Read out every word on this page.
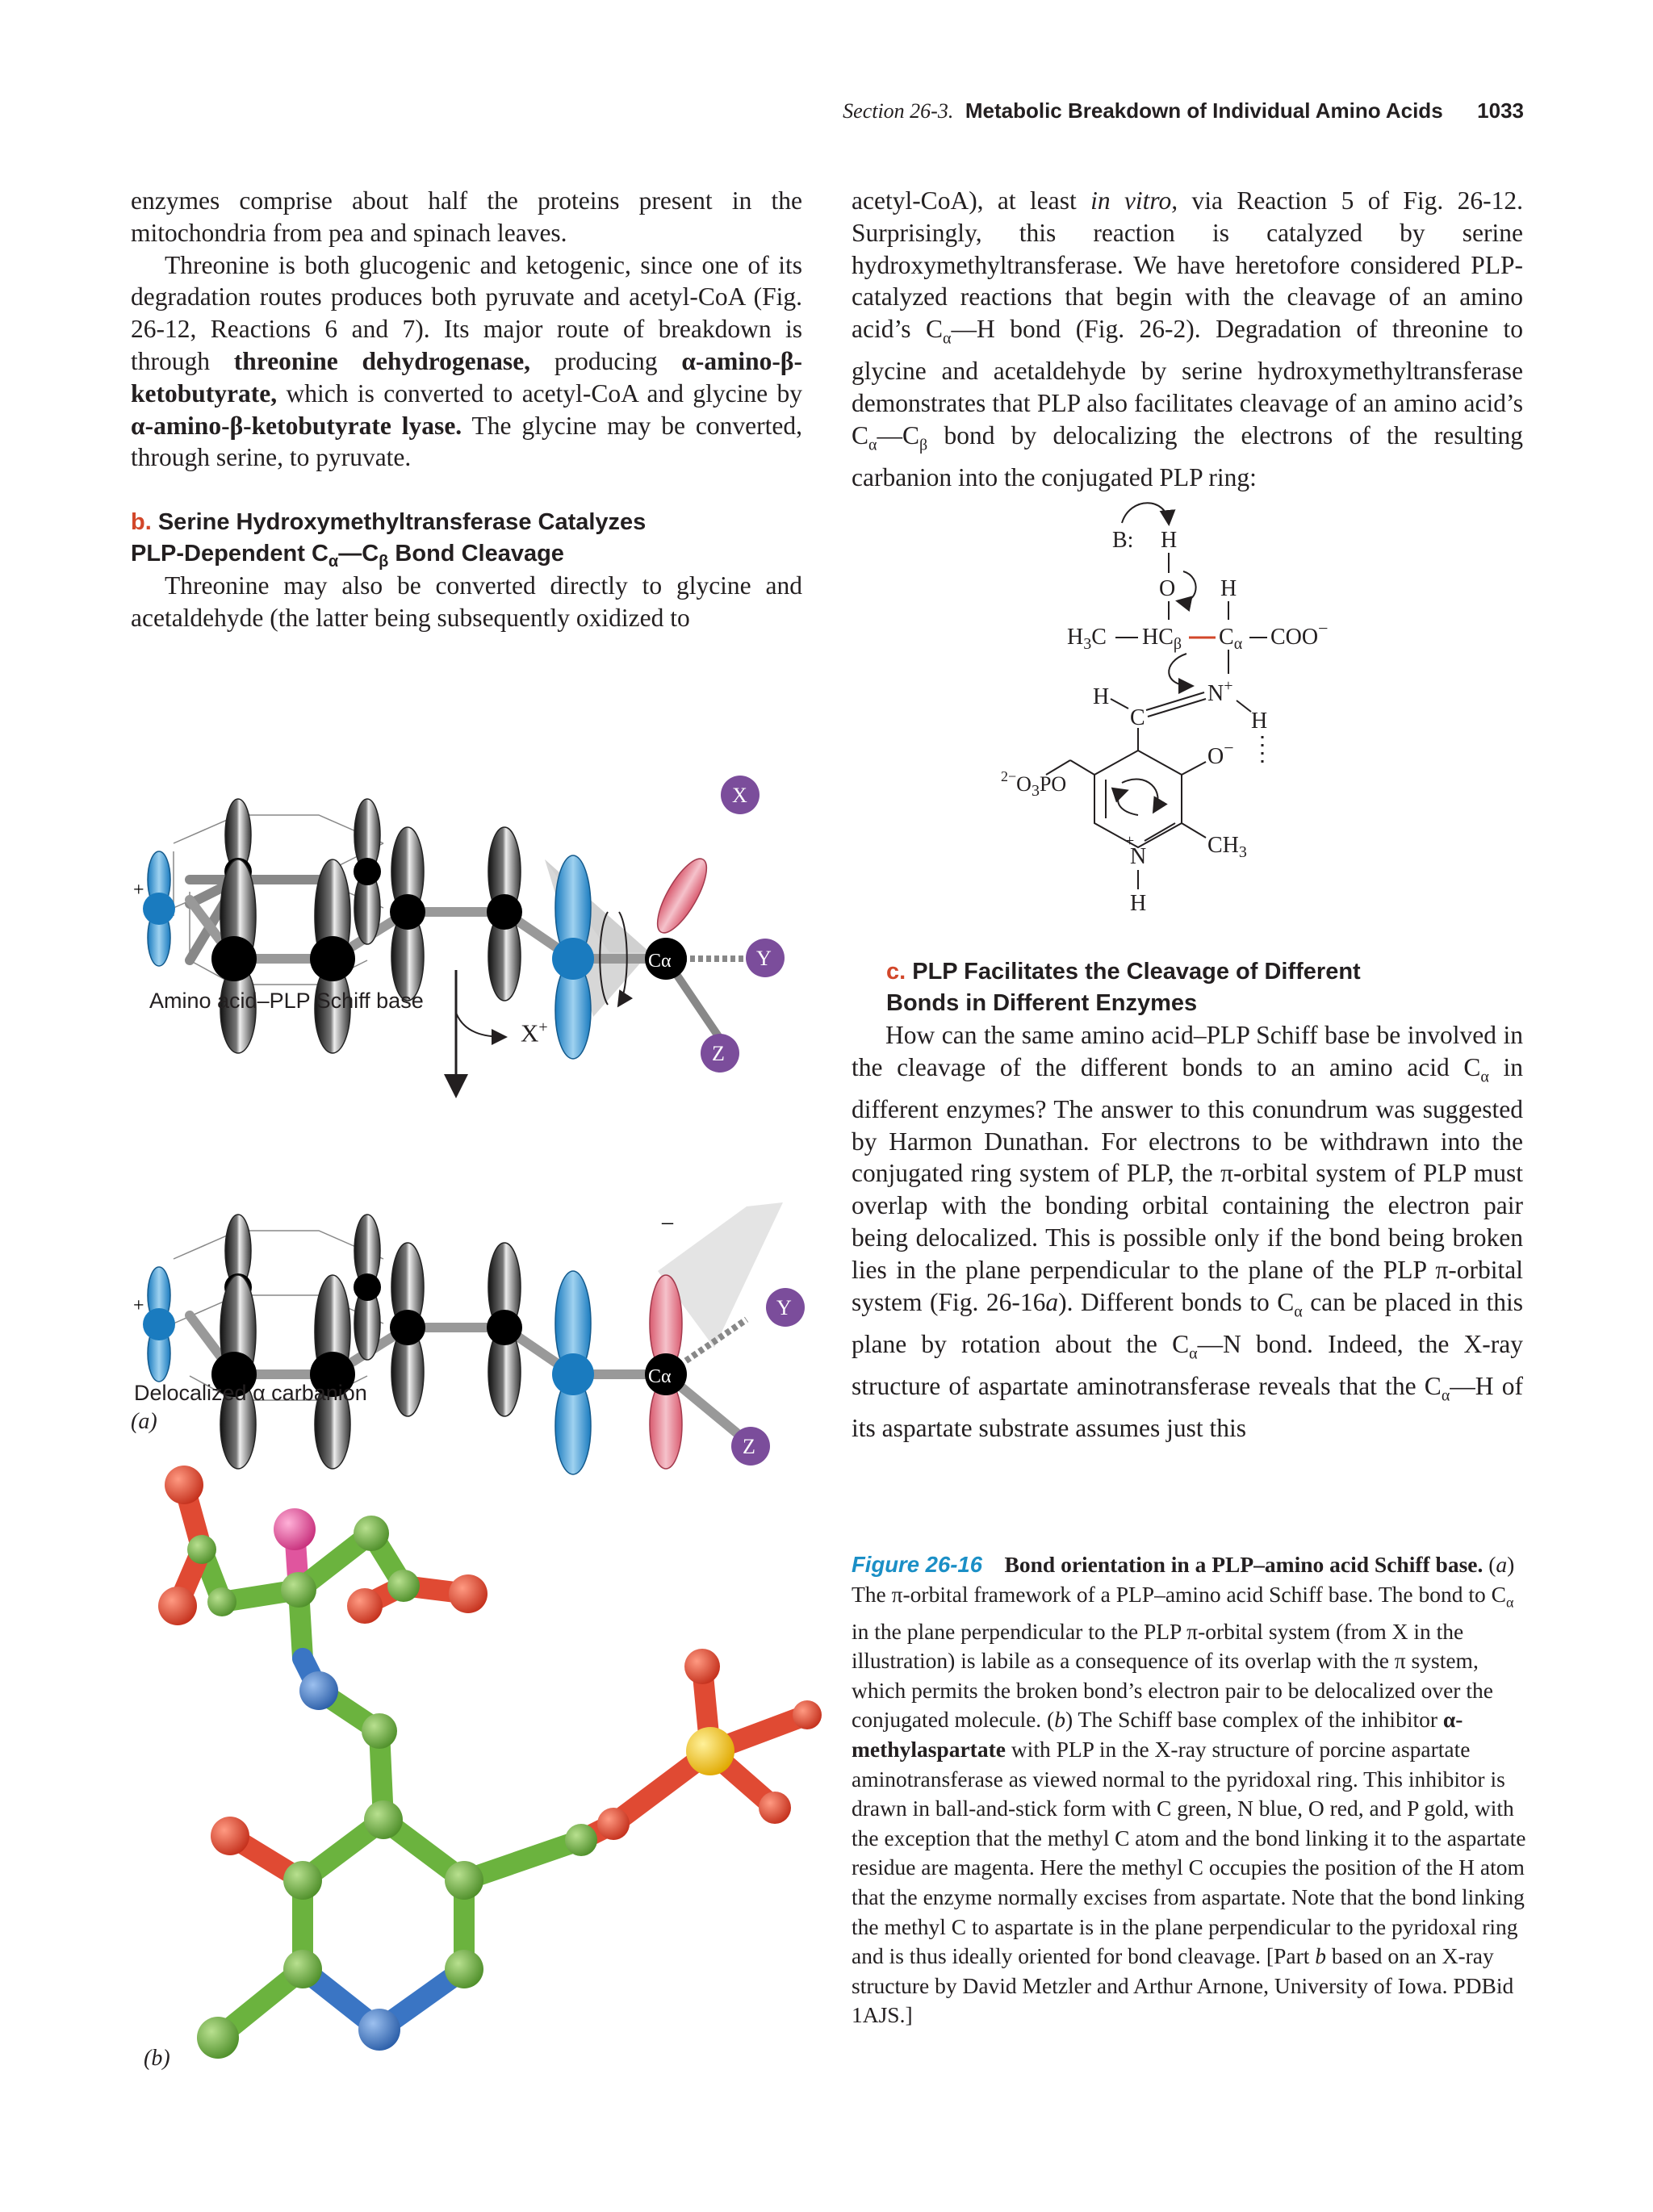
Section 26-3. Metabolic Breakdown of Individual Amino Acids 1033

enzymes comprise about half the proteins present in the mitochondria from pea and spinach leaves.

Threonine is both glucogenic and ketogenic, since one of its degradation routes produces both pyruvate and acetyl-CoA (Fig. 26-12, Reactions 6 and 7). Its major route of breakdown is through threonine dehydrogenase, producing α-amino-β-ketobutyrate, which is converted to acetyl-CoA and glycine by α-amino-β-ketobutyrate lyase. The glycine may be converted, through serine, to pyruvate.

b. Serine Hydroxymethyltransferase Catalyzes
PLP-Dependent $C_\alpha—C_\beta$ Bond Cleavage

Threonine may also be converted directly to glycine and acetaldehyde (the latter being subsequently oxidized to

acetyl-CoA), at least in vitro, via Reaction 5 of Fig. 26-12. Surprisingly, this reaction is catalyzed by serine hydroxymethyltransferase. We have heretofore considered PLP-catalyzed reactions that begin with the cleavage of an amino acid’s $C_\alpha—H$ bond (Fig. 26-2). Degradation of threonine to glycine and acetaldehyde by serine hydroxymethyltransferase demonstrates that PLP also facilitates cleavage of an amino acid’s $C_\alpha—C_\beta$ bond by delocalizing the electrons of the resulting carbanion into the conjugated PLP ring:

B: H
O H
$H_3C$ $HC_\beta$ $C_\alpha$ COO−
H
C
N+
H
O−
$^{2-}O_3PO$
N
+	$CH_3$
H
+
Cα
X
Y
Z
+
–
Cα
Y
Z
Amino acid–PLP Schiff base
X+
Delocalized α carbanion
(a)
c. PLP Facilitates the Cleavage of Different
Bonds in Different Enzymes

How can the same amino acid–PLP Schiff base be involved in the cleavage of the different bonds to an amino acid $C_\alpha$ in different enzymes? The answer to this conundrum was suggested by Harmon Dunathan. For electrons to be withdrawn into the conjugated ring system of PLP, the π-orbital system of PLP must overlap with the bonding orbital containing the electron pair being delocalized. This is possible only if the bond being broken lies in the plane perpendicular to the plane of the PLP π-orbital system (Fig. 26-16a). Different bonds to $C_\alpha$ can be placed in this plane by rotation about the $C_\alpha—N$ bond. Indeed, the X-ray structure of aspartate aminotransferase reveals that the $C_\alpha—H$ of its aspartate substrate assumes just this

(b)
Figure 26-16 Bond orientation in a PLP–amino acid Schiff base. (a) The π-orbital framework of a PLP–amino acid Schiff base. The bond to $C_\alpha$ in the plane perpendicular to the PLP π-orbital system (from X in the illustration) is labile as a consequence of its overlap with the π system, which permits the broken bond’s electron pair to be delocalized over the conjugated molecule. (b) The Schiff base complex of the inhibitor α-methylaspartate with PLP in the X-ray structure of porcine aspartate aminotransferase as viewed normal to the pyridoxal ring. This inhibitor is drawn in ball-and-stick form with C green, N blue, O red, and P gold, with the exception that the methyl C atom and the bond linking it to the aspartate residue are magenta. Here the methyl C occupies the position of the H atom that the enzyme normally excises from aspartate. Note that the bond linking the methyl C to aspartate is in the plane perpendicular to the pyridoxal ring and is thus ideally oriented for bond cleavage. [Part b based on an X-ray structure by David Metzler and Arthur Arnone, University of Iowa. PDBid 1AJS.]
